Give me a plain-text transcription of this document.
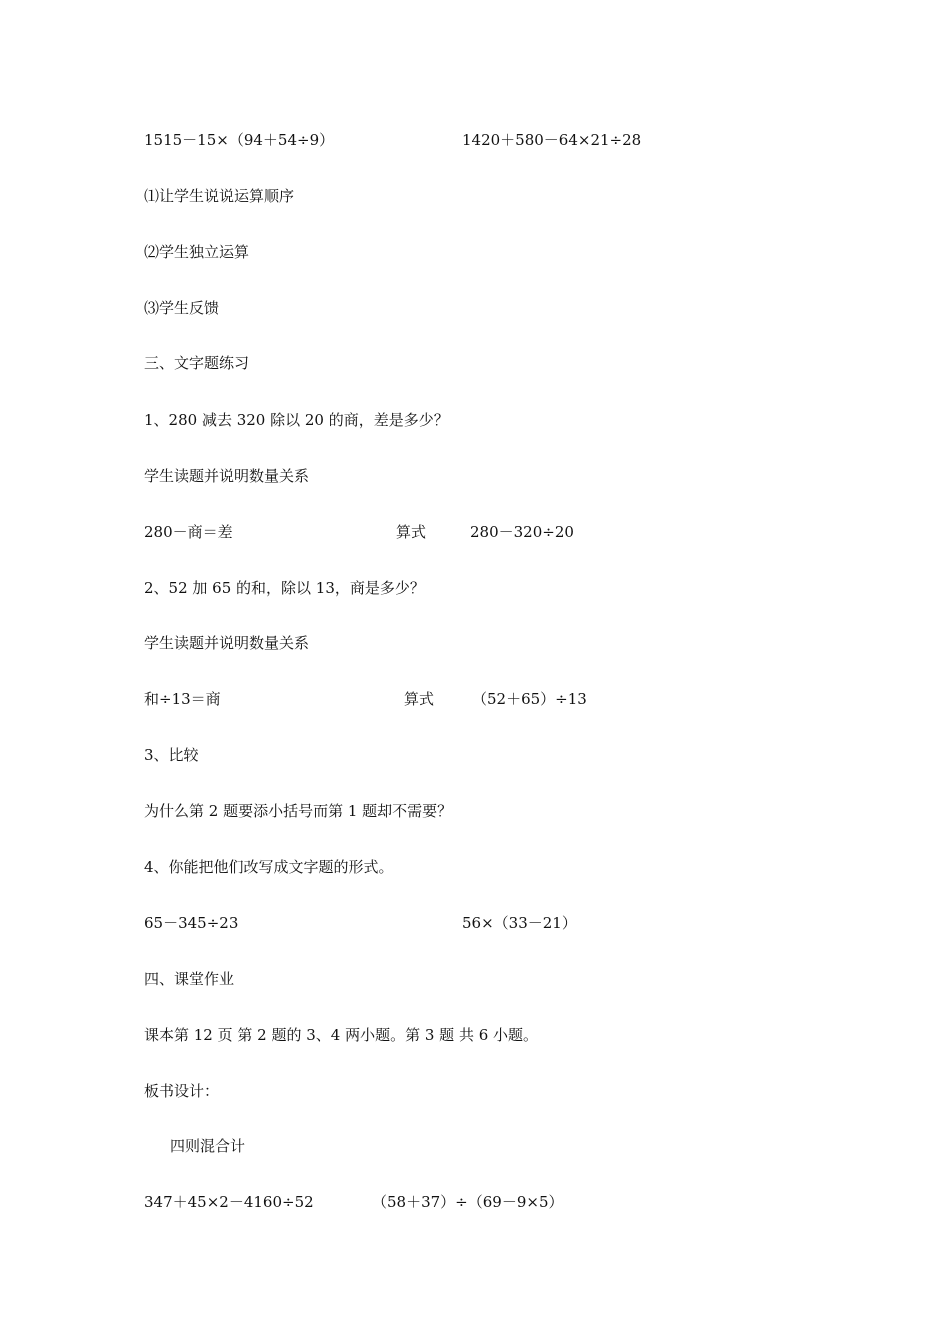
1515－15×（94＋54÷9）	1420＋580－64×21÷28
⑴让学生说说运算顺序
⑵学生独立运算
⑶学生反馈
三、文字题练习
1、280 减去 320 除以 20 的商，差是多少？
学生读题并说明数量关系
280－商＝差	算式	280－320÷20
2、52 加 65 的和，除以 13，商是多少？
学生读题并说明数量关系
和÷13＝商	算式	（52＋65）÷13
3、比较
为什么第 2 题要添小括号而第 1 题却不需要？
4、你能把他们改写成文字题的形式。
65－345÷23	56×（33－21）
四、课堂作业
课本第 12 页 第 2 题的 3、4 两小题。第 3 题 共 6 小题。
板书设计：
四则混合计
347＋45×2－4160÷52	（58＋37）÷（69－9×5）
